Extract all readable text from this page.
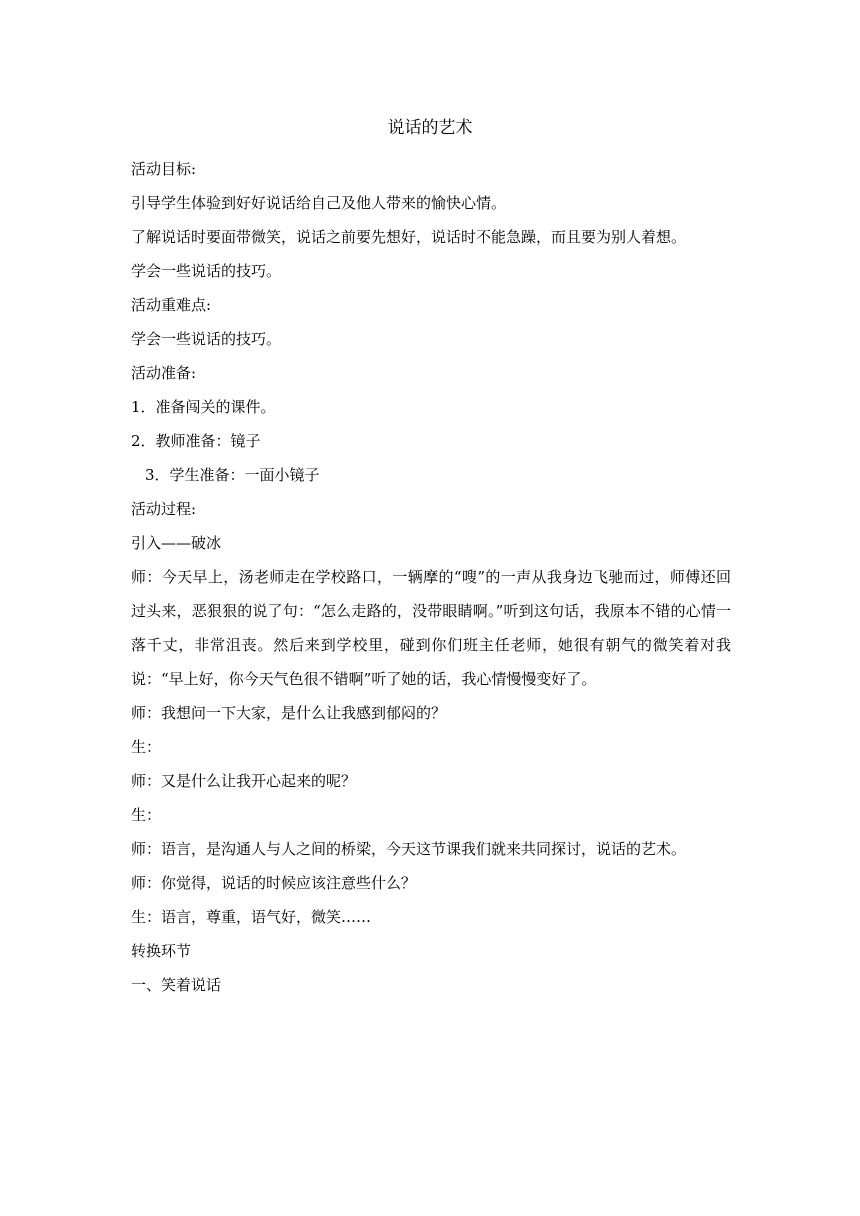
说话的艺术

活动目标:

引导学生体验到好好说话给自己及他人带来的愉快心情。

了解说话时要面带微笑，说话之前要先想好，说话时不能急躁，而且要为别人着想。

学会一些说话的技巧。

活动重难点:

学会一些说话的技巧。

活动准备:

1．准备闯关的课件。

2．教师准备：镜子

3．学生准备：一面小镜子

活动过程:

引入——破冰

师：今天早上，汤老师走在学校路口，一辆摩的“嗖”的一声从我身边飞驰而过，师傅还回过头来，恶狠狠的说了句：“怎么走路的，没带眼睛啊。”听到这句话，我原本不错的心情一落千丈，非常沮丧。然后来到学校里，碰到你们班主任老师，她很有朝气的微笑着对我说：“早上好，你今天气色很不错啊”听了她的话，我心情慢慢变好了。

师：我想问一下大家，是什么让我感到郁闷的？

生：

师：又是什么让我开心起来的呢？

生：

师：语言，是沟通人与人之间的桥梁，今天这节课我们就来共同探讨，说话的艺术。

师：你觉得，说话的时候应该注意些什么？

生：语言，尊重，语气好，微笑……

转换环节

一、笑着说话
